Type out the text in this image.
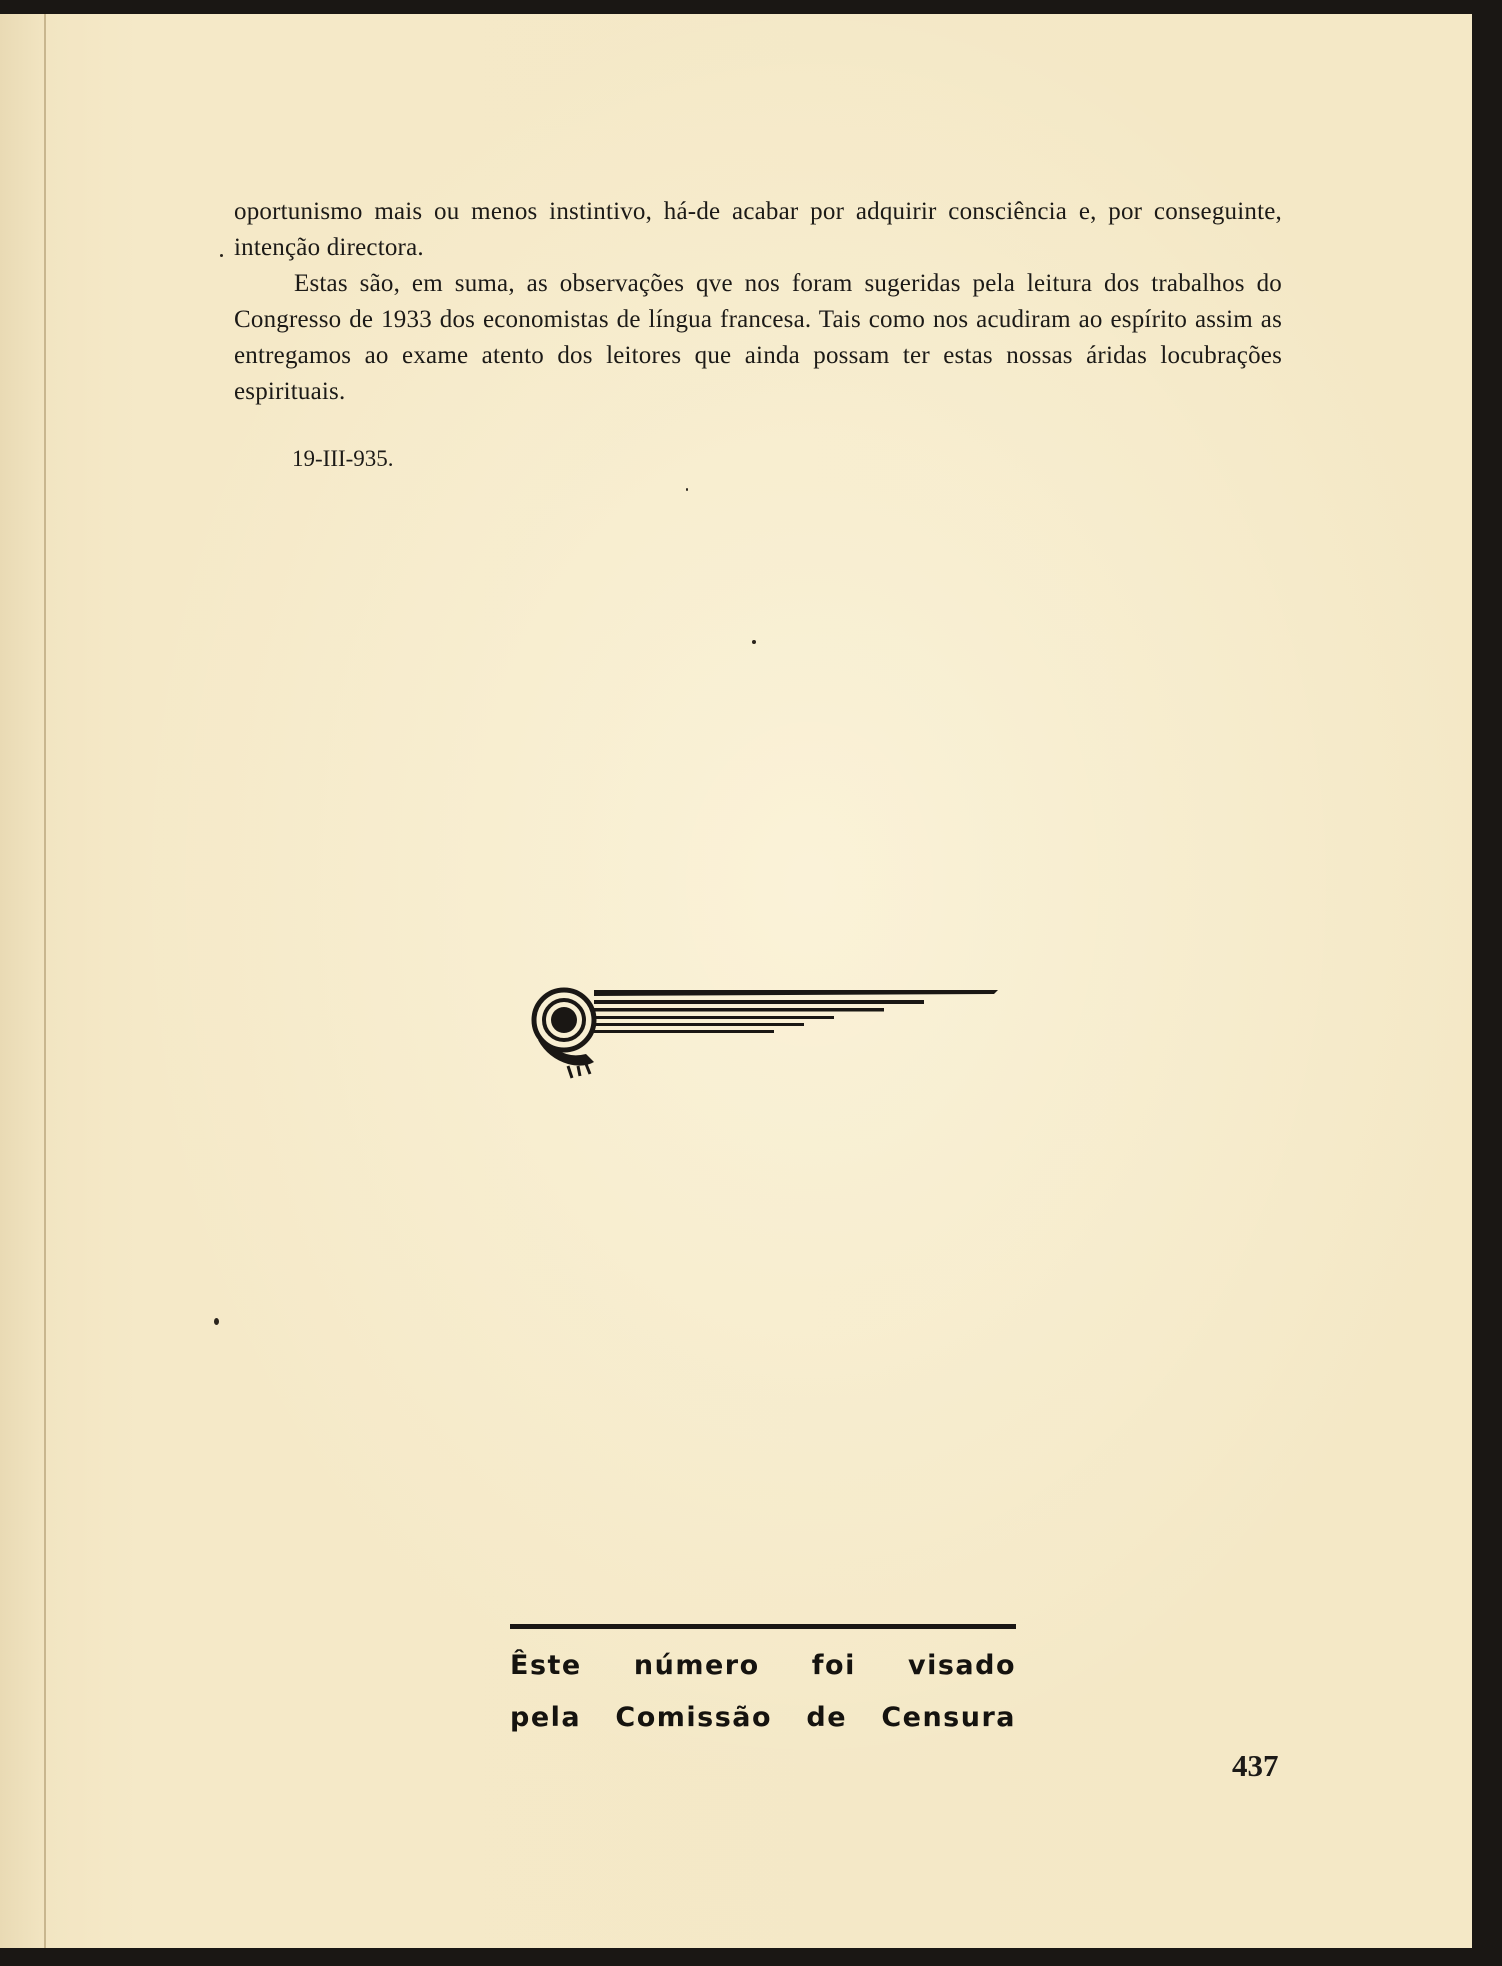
oportunismo mais ou menos instintivo, há-de acabar por adquirir consciência e, por conseguinte, intenção directora.

Estas são, em suma, as observações qve nos foram sugeridas pela leitura dos trabalhos do Congresso de 1933 dos economistas de língua francesa. Tais como nos acudiram ao espírito assim as entregamos ao exame atento dos leitores que ainda possam ter estas nossas áridas locubrações espirituais.

19-III-935.
Êste número foi visado
pela Comissão de Censura
437
